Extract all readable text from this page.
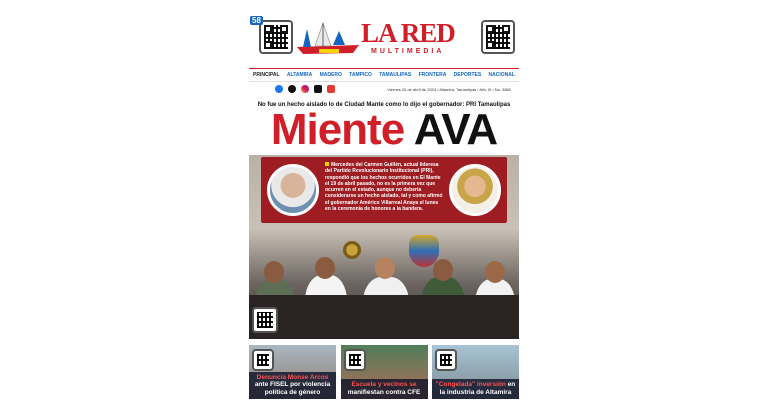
58	LA RED
MULTIMEDIA
PRINCIPAL ALTAMIRA MADERO TAMPICO TAMAULIPAS FRONTERA DEPORTES NACIONAL
Viernes 26 de abril de 2024 / Altamira, Tamaulipas / Año IX / No. 3880
No fue un hecho aislado lo de Ciudad Mante como lo dijo el gobernador: PRI Tamaulipas
Miente AVA
Mercedes del Carmen Guillén, actual lideresa del Partido Revolucionario Institucional (PRI), respondió que los hechos ocurridos en El Mante el 19 de abril pasado, no es la primera vez que ocurren en el estado, aunque no debería considerarse un hecho aislado, tal y como afirmó el gobernador Américo Villarreal Anaya el lunes en la ceremonia de honores a la bandera.
Denuncia Monse Arcos ante FISEL por violencia política de género
Escuela y vecinos se manifiestan contra CFE
"Congelada" inversión en la industria de Altamira
